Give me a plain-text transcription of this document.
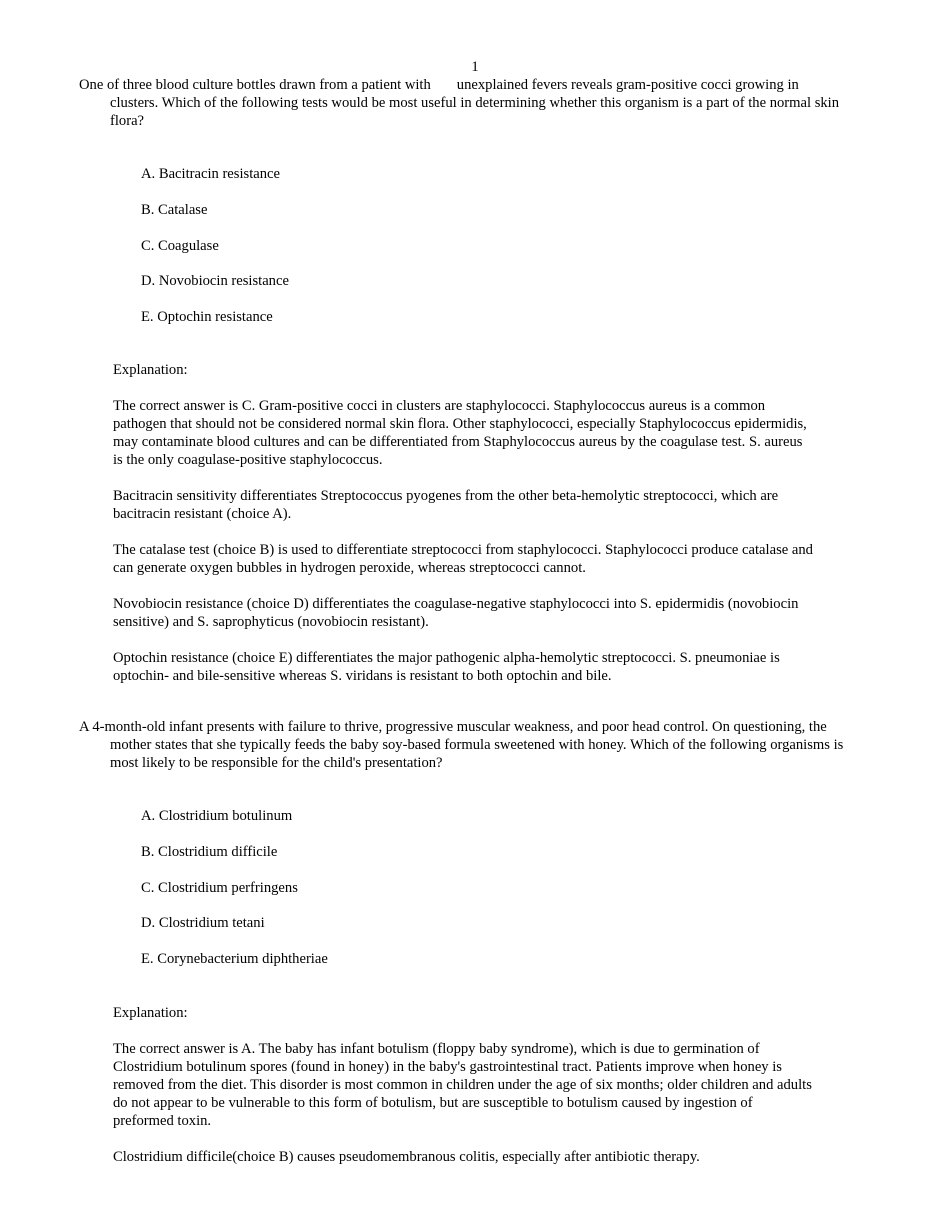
1

One of three blood culture bottles drawn from a patient with unexplained fevers reveals gram-positive cocci growing in clusters. Which of the following tests would be most useful in determining whether this organism is a part of the normal skin flora?

A. Bacitracin resistance
B. Catalase
C. Coagulase
D. Novobiocin resistance
E. Optochin resistance

Explanation:

The correct answer is C. Gram-positive cocci in clusters are staphylococci. Staphylococcus aureus is a common pathogen that should not be considered normal skin flora. Other staphylococci, especially Staphylococcus epidermidis, may contaminate blood cultures and can be differentiated from Staphylococcus aureus by the coagulase test. S. aureus is the only coagulase-positive staphylococcus.

Bacitracin sensitivity differentiates Streptococcus pyogenes from the other beta-hemolytic streptococci, which are bacitracin resistant (choice A).

The catalase test (choice B) is used to differentiate streptococci from staphylococci. Staphylococci produce catalase and can generate oxygen bubbles in hydrogen peroxide, whereas streptococci cannot.

Novobiocin resistance (choice D) differentiates the coagulase-negative staphylococci into S. epidermidis (novobiocin sensitive) and S. saprophyticus (novobiocin resistant).

Optochin resistance (choice E) differentiates the major pathogenic alpha-hemolytic streptococci. S. pneumoniae is optochin- and bile-sensitive whereas S. viridans is resistant to both optochin and bile.

A 4-month-old infant presents with failure to thrive, progressive muscular weakness, and poor head control. On questioning, the mother states that she typically feeds the baby soy-based formula sweetened with honey. Which of the following organisms is most likely to be responsible for the child's presentation?

A. Clostridium botulinum
B. Clostridium difficile
C. Clostridium perfringens
D. Clostridium tetani
E. Corynebacterium diphtheriae

Explanation:

The correct answer is A. The baby has infant botulism (floppy baby syndrome), which is due to germination of Clostridium botulinum spores (found in honey) in the baby's gastrointestinal tract. Patients improve when honey is removed from the diet. This disorder is most common in children under the age of six months; older children and adults do not appear to be vulnerable to this form of botulism, but are susceptible to botulism caused by ingestion of preformed toxin.

Clostridium difficile(choice B) causes pseudomembranous colitis, especially after antibiotic therapy.
